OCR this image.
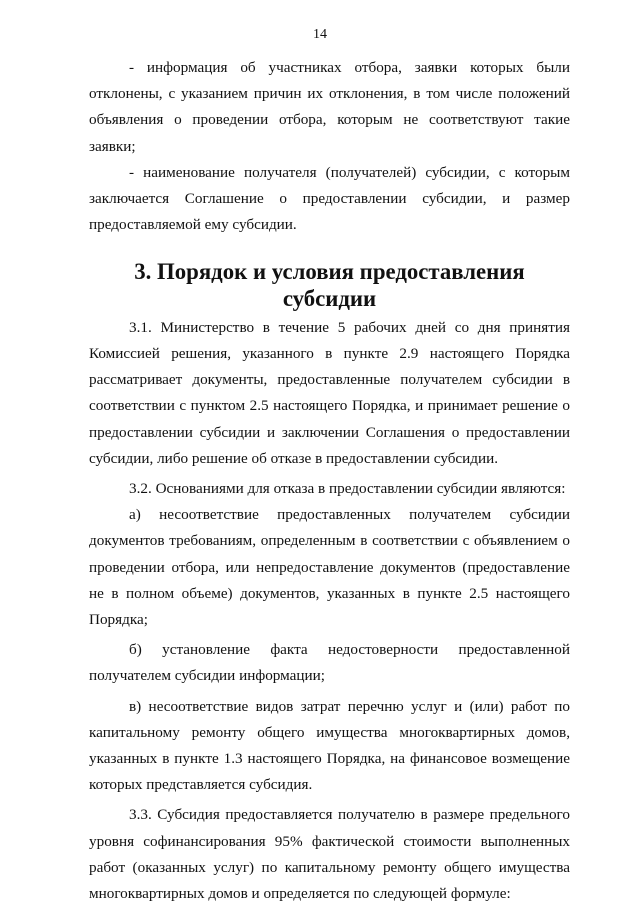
14

- информация об участниках отбора, заявки которых были отклонены, с указанием причин их отклонения, в том числе положений объявления о проведении отбора, которым не соответствуют такие заявки;

- наименование получателя (получателей) субсидии, с которым заключается Соглашение о предоставлении субсидии, и размер предоставляемой ему субсидии.

3. Порядок и условия предоставления субсидии

3.1. Министерство в течение 5 рабочих дней со дня принятия Комиссией решения, указанного в пункте 2.9 настоящего Порядка рассматривает документы, предоставленные получателем субсидии в соответствии с пунктом 2.5 настоящего Порядка, и принимает решение о предоставлении субсидии и заключении Соглашения о предоставлении субсидии, либо решение об отказе в предоставлении субсидии.

3.2. Основаниями для отказа в предоставлении субсидии являются:

а) несоответствие предоставленных получателем субсидии документов требованиям, определенным в соответствии с объявлением о проведении отбора, или непредоставление документов (предоставление не в полном объеме) документов, указанных в пункте 2.5 настоящего Порядка;

б) установление факта недостоверности предоставленной получателем субсидии информации;

в) несоответствие видов затрат перечню услуг и (или) работ по капитальному ремонту общего имущества многоквартирных домов, указанных в пункте 1.3 настоящего Порядка, на финансовое возмещение которых представляется субсидия.

3.3. Субсидия предоставляется получателю в размере предельного уровня софинансирования 95% фактической стоимости выполненных работ (оказанных услуг) по капитальному ремонту общего имущества многоквартирных домов и определяется по следующей формуле:
